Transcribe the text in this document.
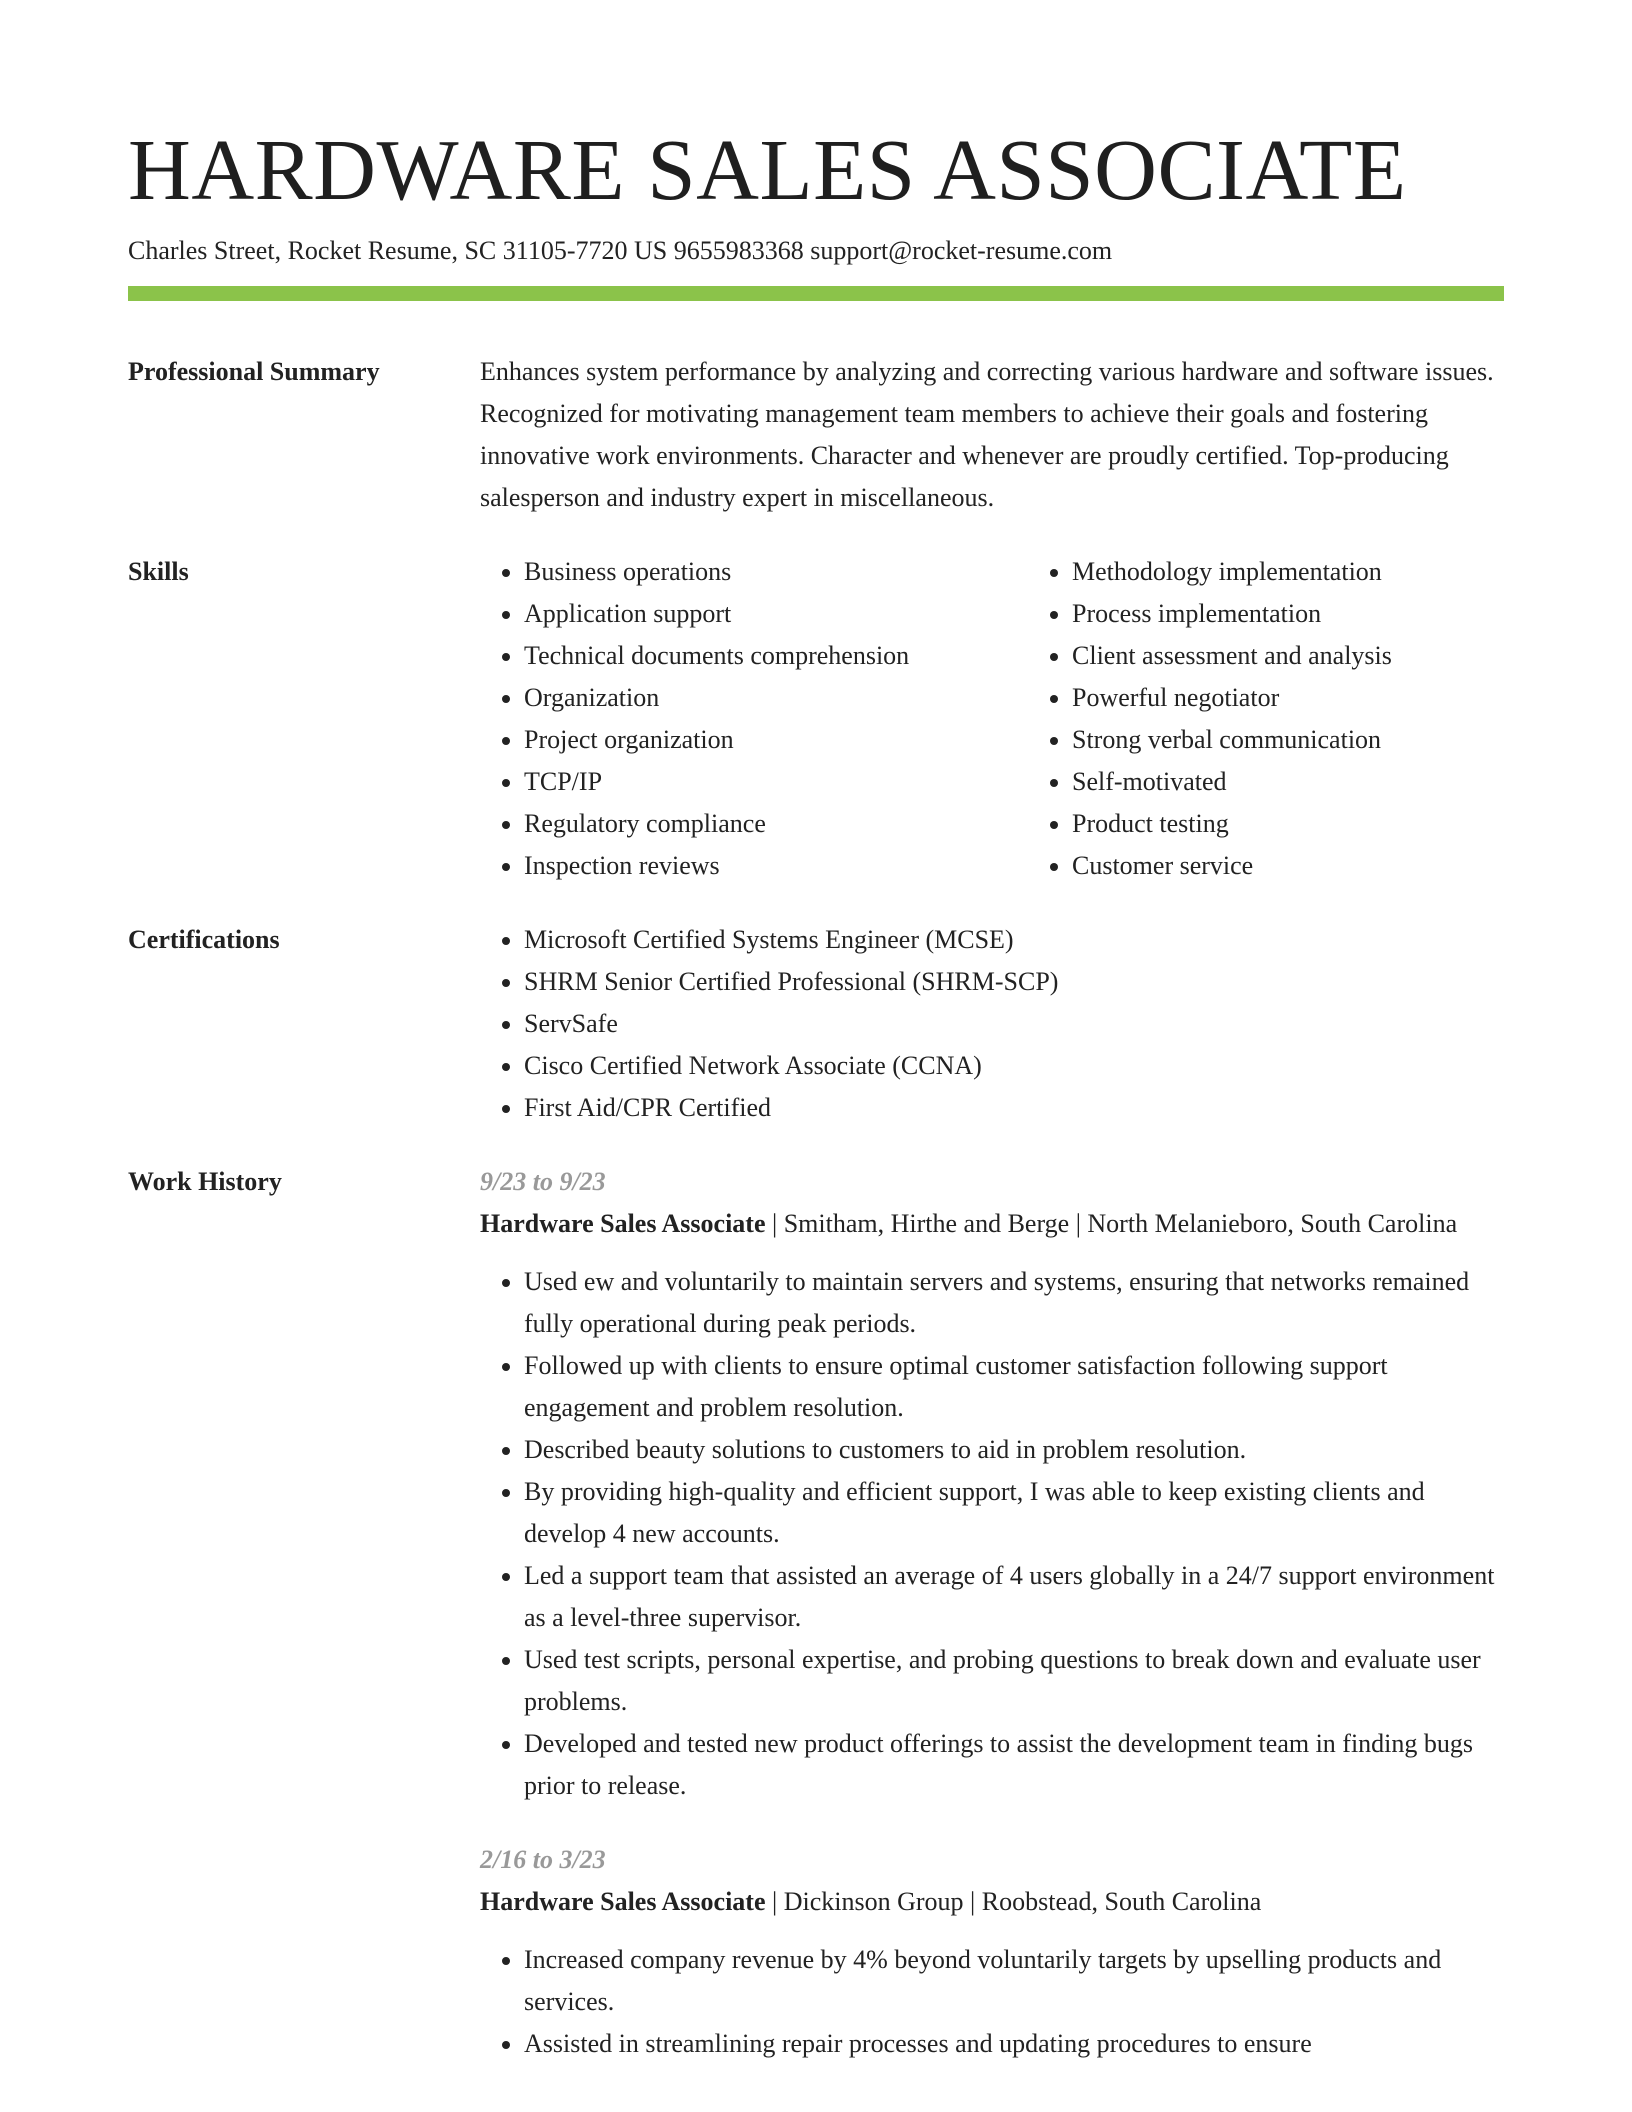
HARDWARE SALES ASSOCIATE
Charles Street, Rocket Resume, SC 31105-7720 US 9655983368 support@rocket-resume.com
Professional Summary	Enhances system performance by analyzing and correcting various hardware and software issues. Recognized for motivating management team members to achieve their goals and fostering innovative work environments. Character and whenever are proudly certified. Top-producing salesperson and industry expert in miscellaneous.

Skills	• Business operations
• Application support
• Technical documents comprehension
• Organization
• Project organization
• TCP/IP
• Regulatory compliance
• Inspection reviews
• Methodology implementation
• Process implementation
• Client assessment and analysis
• Powerful negotiator
• Strong verbal communication
• Self-motivated
• Product testing
• Customer service
Certifications	• Microsoft Certified Systems Engineer (MCSE)
• SHRM Senior Certified Professional (SHRM-SCP)
• ServSafe
• Cisco Certified Network Associate (CCNA)
• First Aid/CPR Certified
Work History	9/23 to 9/23

Hardware Sales Associate | Smitham, Hirthe and Berge | North Melanieboro, South Carolina

• Used ew and voluntarily to maintain servers and systems, ensuring that networks remained fully operational during peak periods.
• Followed up with clients to ensure optimal customer satisfaction following support engagement and problem resolution.
• Described beauty solutions to customers to aid in problem resolution.
• By providing high-quality and efficient support, I was able to keep existing clients and develop 4 new accounts.
• Led a support team that assisted an average of 4 users globally in a 24/7 support environment as a level-three supervisor.
• Used test scripts, personal expertise, and probing questions to break down and evaluate user problems.
• Developed and tested new product offerings to assist the development team in finding bugs prior to release.
2/16 to 3/23

Hardware Sales Associate | Dickinson Group | Roobstead, South Carolina

• Increased company revenue by 4% beyond voluntarily targets by upselling products and services.
• Assisted in streamlining repair processes and updating procedures to ensure
